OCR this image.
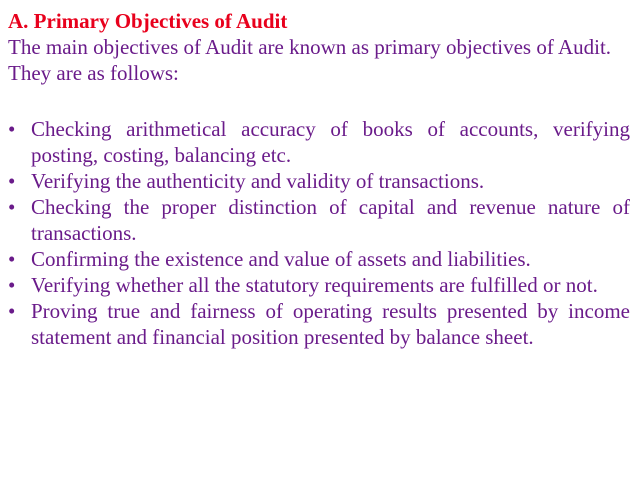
A. Primary Objectives of Audit

The main objectives of Audit are known as primary objectives of Audit. They are as follows:

• Checking arithmetical accuracy of books of accounts, verifying posting, costing, balancing etc.
• Verifying the authenticity and validity of transactions.
• Checking the proper distinction of capital and revenue nature of transactions.
• Confirming the existence and value of assets and liabilities.
• Verifying whether all the statutory requirements are fulfilled or not.
• Proving true and fairness of operating results presented by income statement and financial position presented by balance sheet.
